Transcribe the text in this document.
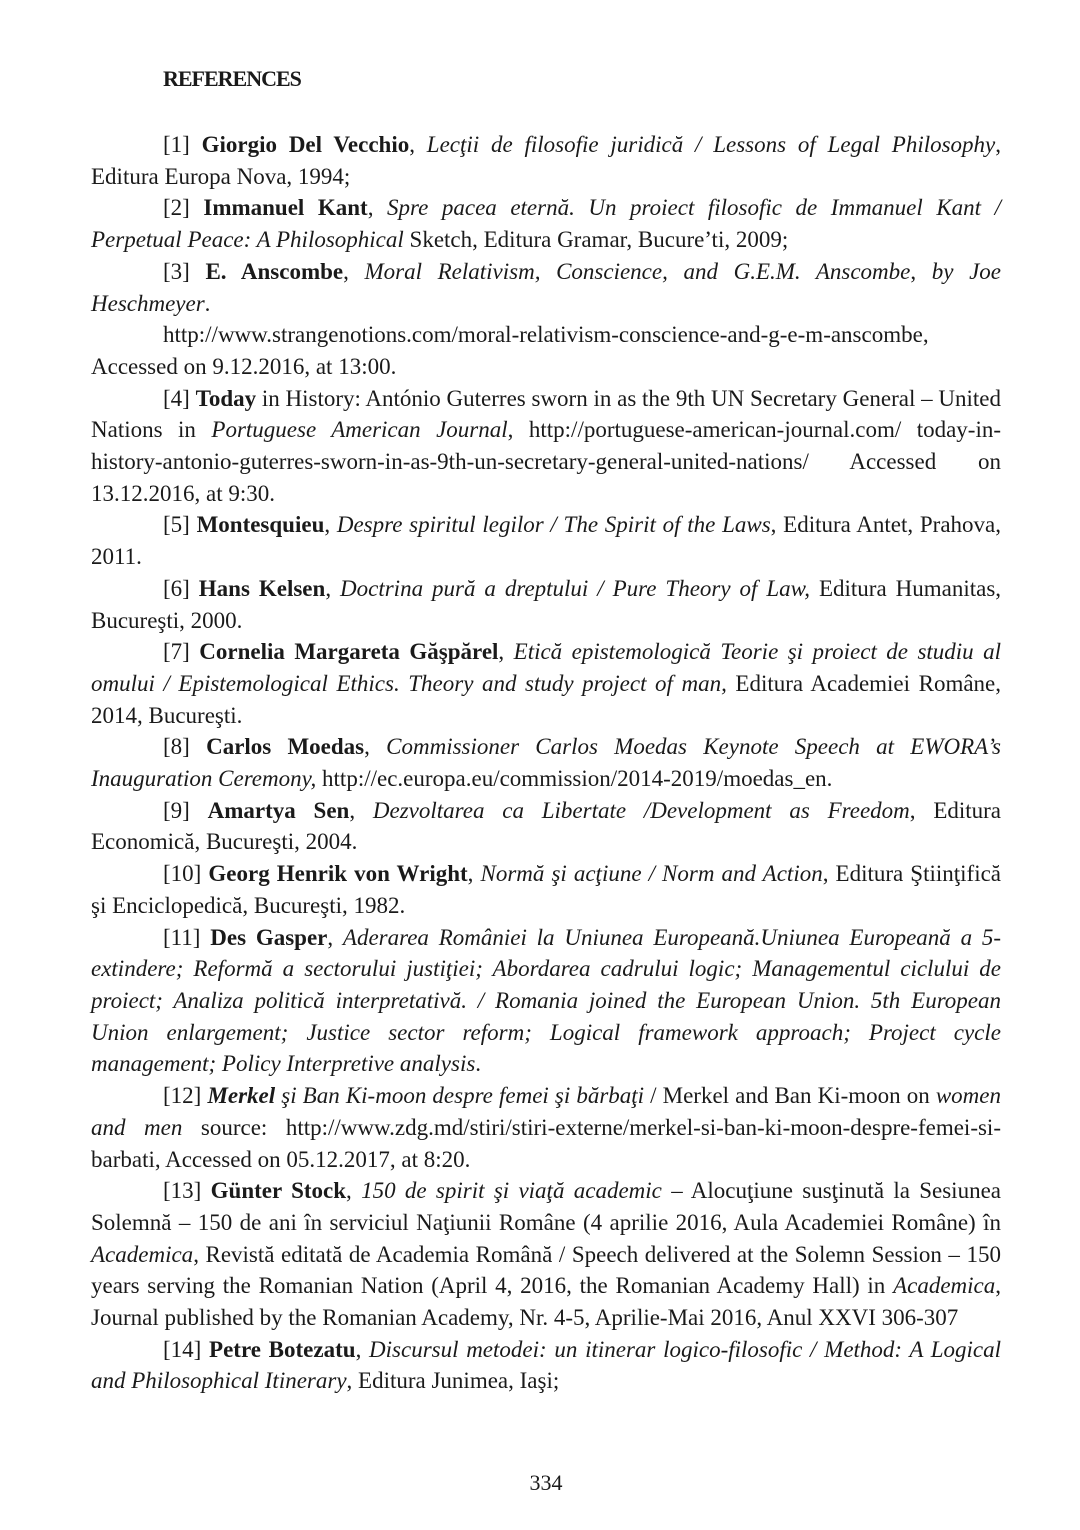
REFERENCES

[1] Giorgio Del Vecchio, Lecţii de filosofie juridică / Lessons of Legal Philosophy, Editura Europa Nova, 1994;

[2] Immanuel Kant, Spre pacea eternă. Un proiect filosofic de Immanuel Kant / Perpetual Peace: A Philosophical Sketch, Editura Gramar, Bucure’ti, 2009;

[3] E. Anscombe, Moral Relativism, Conscience, and G.E.M. Anscombe, by Joe Heschmeyer.

http://www.strangenotions.com/moral-relativism-conscience-and-g-e-m-anscombe,

Accessed on 9.12.2016, at 13:00.

[4] Today in History: António Guterres sworn in as the 9th UN Secretary General – United Nations in Portuguese American Journal, http://portuguese-american-journal.com/ today-in-history-antonio-guterres-sworn-in-as-9th-un-secretary-general-united-nations/ Accessed on 13.12.2016, at 9:30.

[5] Montesquieu, Despre spiritul legilor / The Spirit of the Laws, Editura Antet, Prahova, 2011.

[6] Hans Kelsen, Doctrina pură a dreptului / Pure Theory of Law, Editura Humanitas, Bucureşti, 2000.

[7] Cornelia Margareta Găşpărel, Etică epistemologică Teorie şi proiect de studiu al omului / Epistemological Ethics. Theory and study project of man, Editura Academiei Române, 2014, Bucureşti.

[8] Carlos Moedas, Commissioner Carlos Moedas Keynote Speech at EWORA’s Inauguration Ceremony, http://ec.europa.eu/commission/2014-2019/moedas_en.

[9] Amartya Sen, Dezvoltarea ca Libertate /Development as Freedom, Editura Economică, Bucureşti, 2004.

[10] Georg Henrik von Wright, Normă şi acţiune / Norm and Action, Editura Ştiinţifică şi Enciclopedică, Bucureşti, 1982.

[11] Des Gasper, Aderarea României la Uniunea Europeană.Uniunea Europeană a 5-extindere; Reformă a sectorului justiţiei; Abordarea cadrului logic; Managementul ciclului de proiect; Analiza politică interpretativă. / Romania joined the European Union. 5th European Union enlargement; Justice sector reform; Logical framework approach; Project cycle management; Policy Interpretive analysis.

[12] Merkel şi Ban Ki-moon despre femei şi bărbaţi / Merkel and Ban Ki-moon on women and men source: http://www.zdg.md/stiri/stiri-externe/merkel-si-ban-ki-moon-despre-femei-si-barbati, Accessed on 05.12.2017, at 8:20.

[13] Günter Stock, 150 de spirit şi viaţă academic – Alocuţiune susţinută la Sesiunea Solemnă – 150 de ani în serviciul Naţiunii Române (4 aprilie 2016, Aula Academiei Române) în Academica, Revistă editată de Academia Română / Speech delivered at the Solemn Session – 150 years serving the Romanian Nation (April 4, 2016, the Romanian Academy Hall) in Academica, Journal published by the Romanian Academy, Nr. 4-5, Aprilie-Mai 2016, Anul XXVI 306-307

[14] Petre Botezatu, Discursul metodei: un itinerar logico-filosofic / Method: A Logical and Philosophical Itinerary, Editura Junimea, Iaşi;

334
